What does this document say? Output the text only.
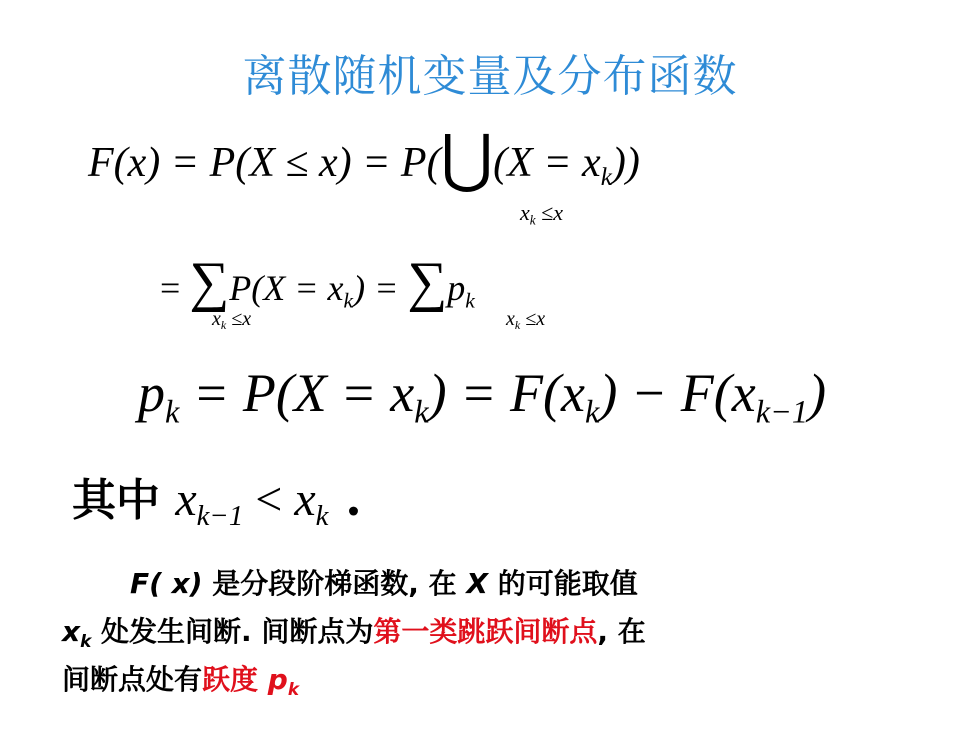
离散随机变量及分布函数
F(x) = P(X ≤ x) = P(⋃(X = $x_k$))
$x_k \le x$
= $\sum P(X = x_k) = \sum p_k$
$x_k \le x$	$x_k \le x$
$p_k = P(X = x_k) = F(x_k) - F(x_{k-1})$
其中 $x_{k-1} < x_k$ .
F( x) 是分段阶梯函数, 在 X 的可能取值
$x_k$ 处发生间断. 间断点为第一类跳跃间断点, 在
间断点处有跃度 $p_k$
